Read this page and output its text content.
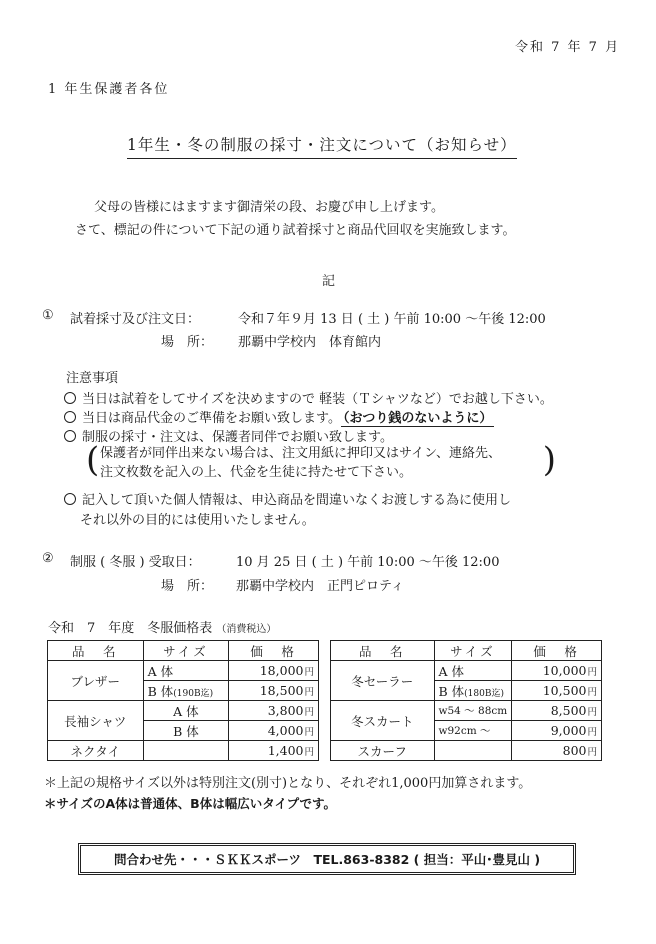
令和 7 年 7 月
1 年生保護者各位
1年生・冬の制服の採寸・注文について（お知らせ）
父母の皆様にはますます御清栄の段、お慶び申し上げます。
さて、標記の件について下記の通り試着採寸と商品代回収を実施致します。
記
① 試着採寸及び注文日：	令和７年９月 13 日 ( 土 ) 午前 10:00 ～午後 12:00
場　所： 那覇中学校内　体育館内
注意事項
当日は試着をしてサイズを決めますので 軽装（Ｔシャツなど）でお越し下さい。
当日は商品代金のご準備をお願い致します。 （おつり銭のないように）
制服の採寸・注文は、保護者同伴でお願い致します。
( 保護者が同伴出来ない場合は、注文用紙に押印又はサイン、連絡先、
注文枚数を記入の上、代金を生徒に持たせて下さい。	)
記入して頂いた個人情報は、申込商品を間違いなくお渡しする為に使用し
それ以外の目的には使用いたしません。
② 制服 ( 冬服 ) 受取日：	10 月 25 日 ( 土 ) 午前 10:00 ～午後 12:00
場　所： 那覇中学校内　正門ピロティ
令和　7　年度　冬服価格表 （消費税込）
品　名	サイズ	価　格
ブレザー	A 体	18,000円
	B 体(190B迄)	18,500円
長袖シャツ	A 体	3,800円
	B 体	4,000円
ネクタイ		1,400円
品　名	サイズ	価　格
冬セーラー	A 体	10,000円
	B 体(180B迄)	10,500円
冬スカート	w54 ～ 88cm	8,500円
	w92cm ～	9,000円
スカーフ		800円
＊上記の規格サイズ以外は特別注文(別寸)となり、それぞれ1,000円加算されます。
＊サイズのA体は普通体、B体は幅広いタイプです。
問合わせ先・・・ＳＫＫスポーツ　TEL.863-8382 ( 担当：平山･豊見山 )
